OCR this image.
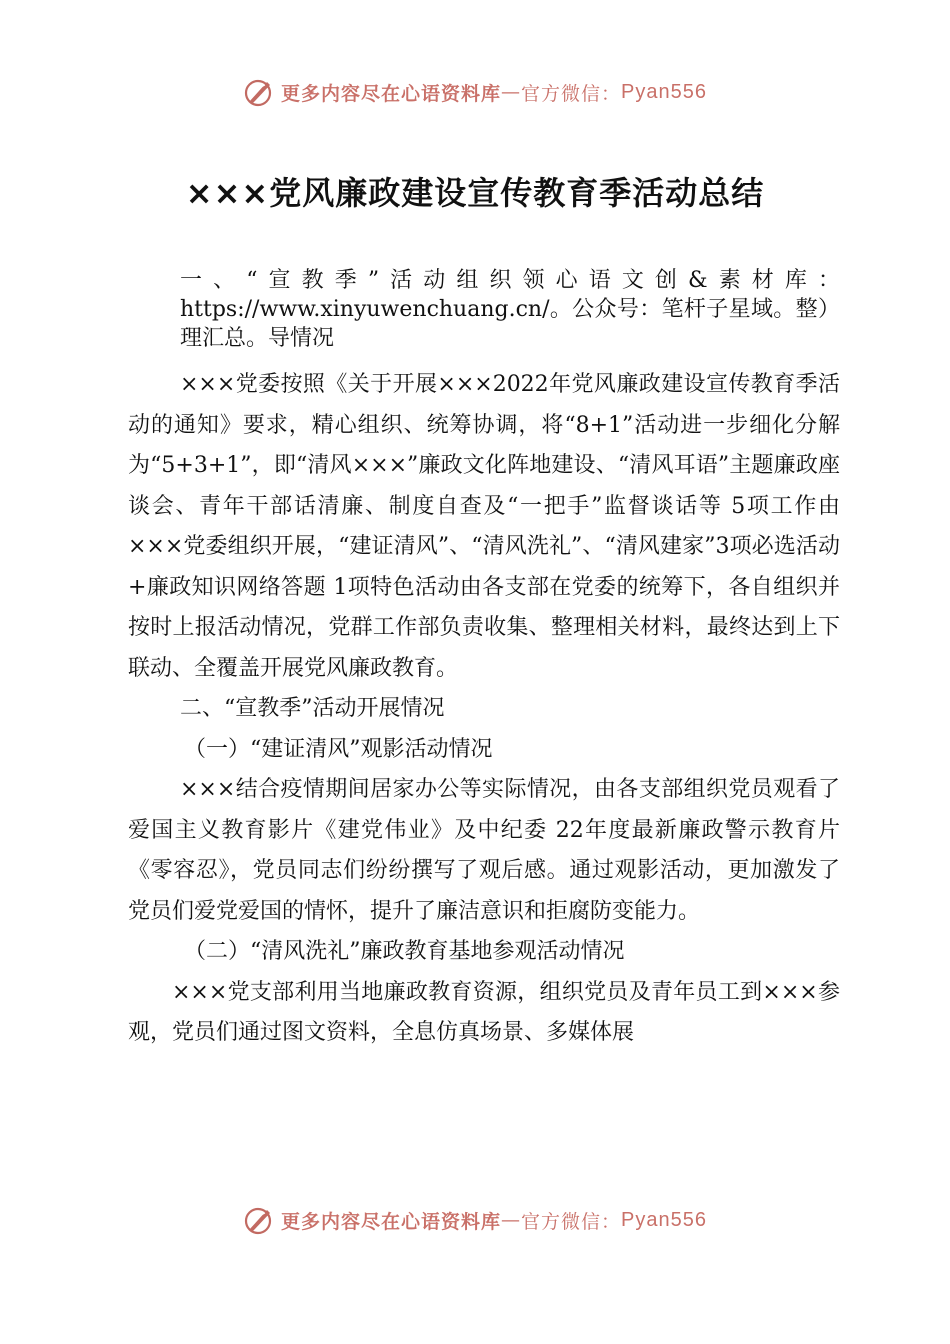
更多内容尽在心语资料库 — 官方微信： Pyan556
×××党风廉政建设宣传教育季活动总结

一、“宣教季”活动组织领心语文创&素材库：https://www.xinyuwenchuang.cn/。公众号：笔杆子星域。整）理汇总。导情况

×××党委按照《关于开展×××2022年党风廉政建设宣传教育季活动的通知》要求，精心组织、统筹协调，将“8+1”活动进一步细化分解为“5+3+1”，即“清风×××”廉政文化阵地建设、“清风耳语”主题廉政座谈会、青年干部话清廉、制度自查及“一把手”监督谈话等 5项工作由×××党委组织开展，“建证清风”、“清风洗礼”、“清风建家”3项必选活动+廉政知识网络答题 1项特色活动由各支部在党委的统筹下，各自组织并按时上报活动情况，党群工作部负责收集、整理相关材料，最终达到上下联动、全覆盖开展党风廉政教育。

二、“宣教季”活动开展情况

（一）“建证清风”观影活动情况

×××结合疫情期间居家办公等实际情况，由各支部组织党员观看了爱国主义教育影片《建党伟业》及中纪委 22年度最新廉政警示教育片《零容忍》，党员同志们纷纷撰写了观后感。通过观影活动，更加激发了党员们爱党爱国的情怀，提升了廉洁意识和拒腐防变能力。

（二）“清风洗礼”廉政教育基地参观活动情况

×××党支部利用当地廉政教育资源，组织党员及青年员工到×××参观，党员们通过图文资料，全息仿真场景、多媒体展

更多内容尽在心语资料库 — 官方微信： Pyan556
